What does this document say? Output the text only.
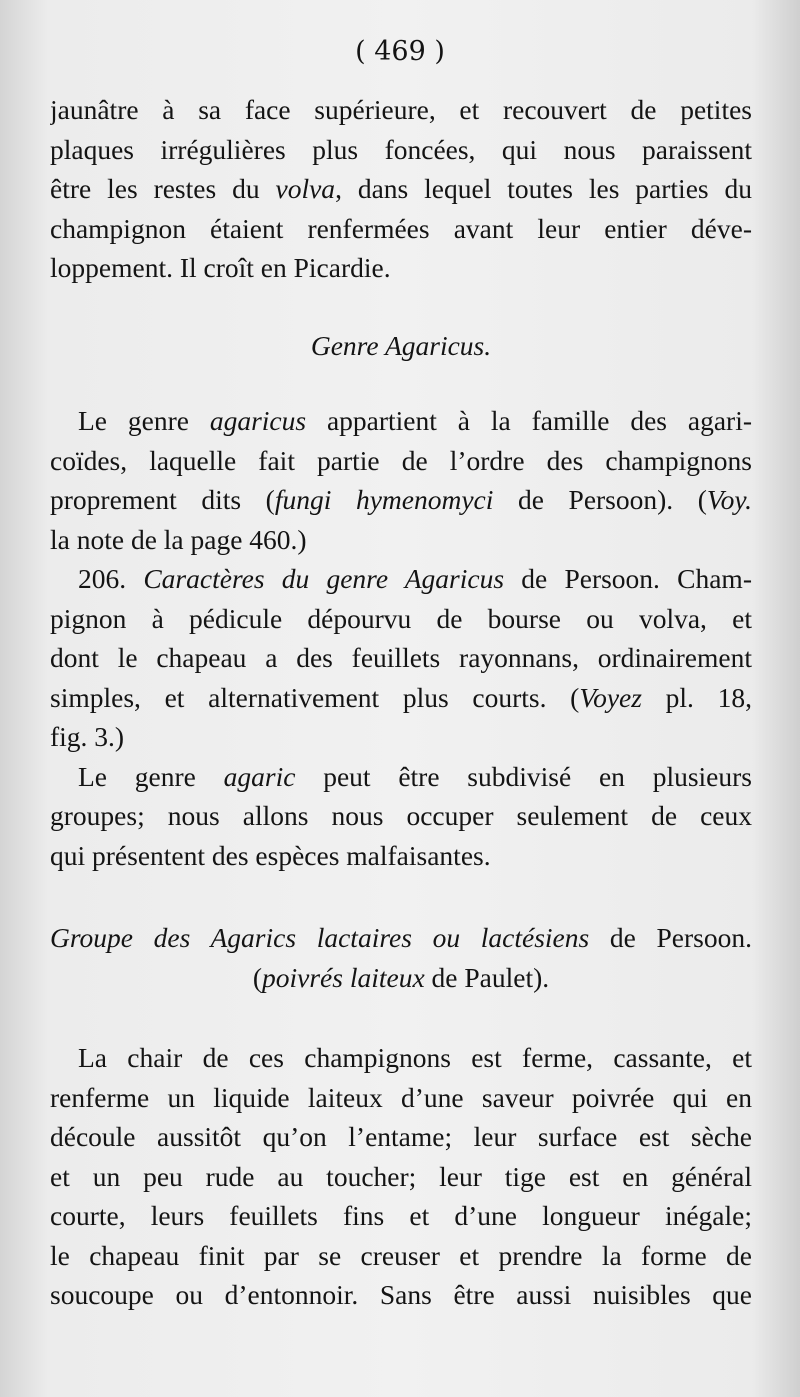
( 469 )
jaunâtre à sa face supérieure, et recouvert de petites
plaques irrégulières plus foncées, qui nous paraissent
être les restes du volva, dans lequel toutes les parties du
champignon étaient renfermées avant leur entier déve-
loppement. Il croît en Picardie.
Genre Agaricus.
Le genre agaricus appartient à la famille des agari-
coïdes, laquelle fait partie de l’ordre des champignons
proprement dits (fungi hymenomyci de Persoon). (Voy.
la note de la page 460.)
206. Caractères du genre Agaricus de Persoon. Cham-
pignon à pédicule dépourvu de bourse ou volva, et
dont le chapeau a des feuillets rayonnans, ordinairement
simples, et alternativement plus courts. (Voyez pl. 18,
fig. 3.)
Le genre agaric peut être subdivisé en plusieurs
groupes; nous allons nous occuper seulement de ceux
qui présentent des espèces malfaisantes.
Groupe des Agarics lactaires ou lactésiens de Persoon.
(poivrés laiteux de Paulet).
La chair de ces champignons est ferme, cassante, et
renferme un liquide laiteux d’une saveur poivrée qui en
découle aussitôt qu’on l’entame; leur surface est sèche
et un peu rude au toucher; leur tige est en général
courte, leurs feuillets fins et d’une longueur inégale;
le chapeau finit par se creuser et prendre la forme de
soucoupe ou d’entonnoir. Sans être aussi nuisibles que
